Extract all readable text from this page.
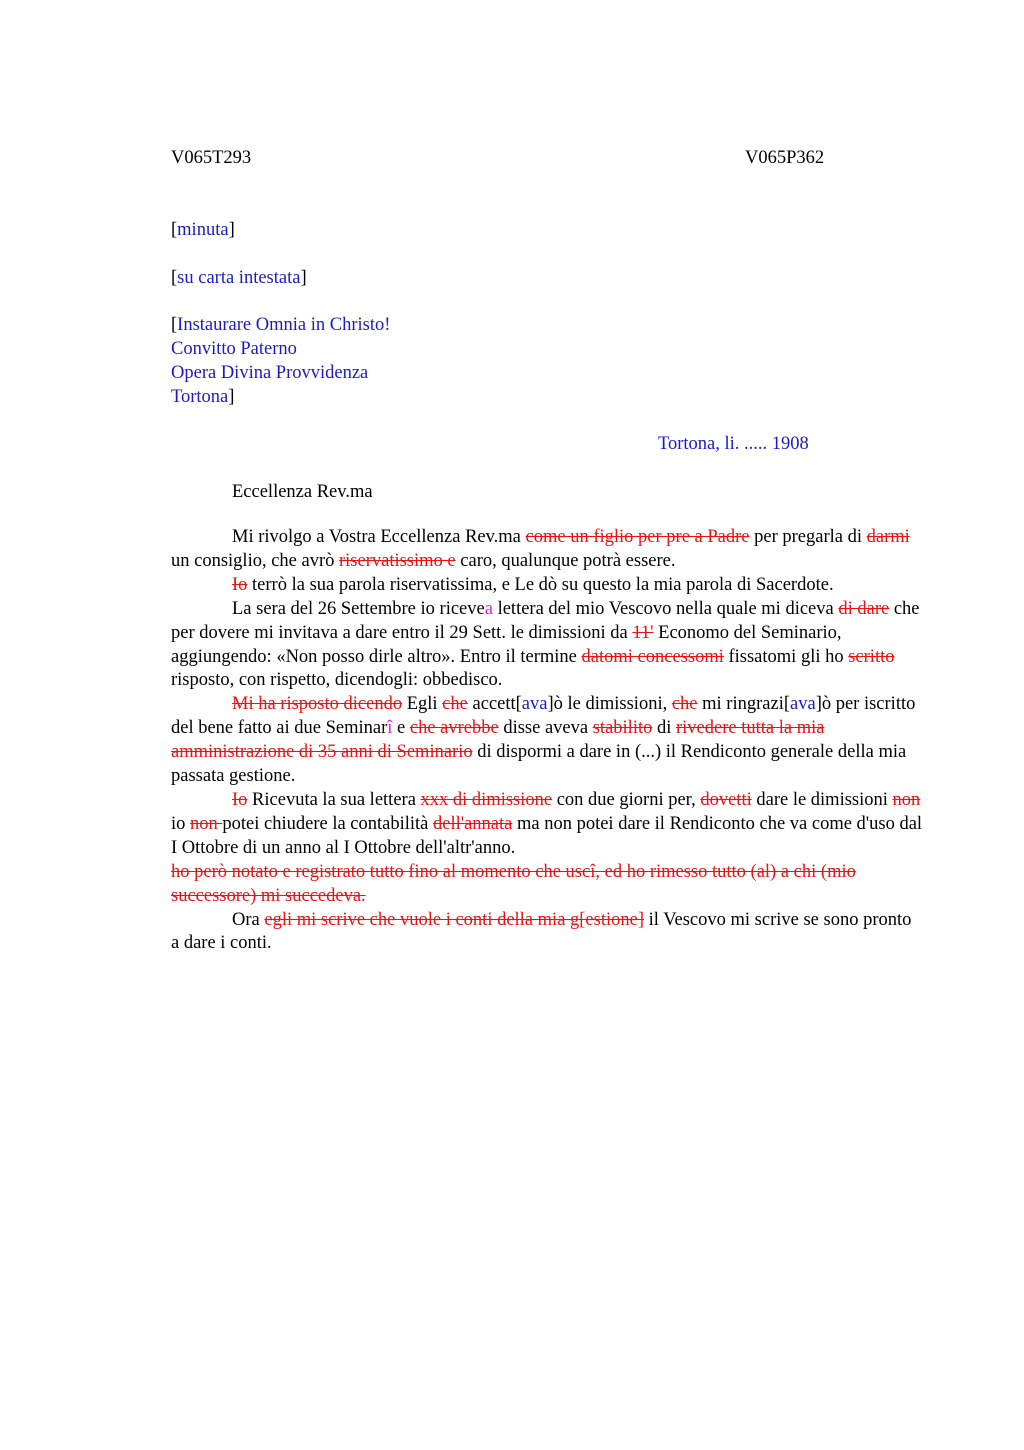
V065T293	V065P362
[minuta]
[su carta intestata]
[Instaurare Omnia in Christo!
Convitto Paterno
Opera Divina Provvidenza
Tortona]
Tortona, li. ..... 1908
Eccellenza Rev.ma

Mi rivolgo a Vostra Eccellenza Rev.ma come un figlio per pre a Padre per pregarla di darmi un consiglio, che avrò riservatissimo e caro, qualunque potrà essere.

Io terrò la sua parola riservatissima, e Le dò su questo la mia parola di Sacerdote.

La sera del 26 Settembre io ricevea lettera del mio Vescovo nella quale mi diceva di dare che per dovere mi invitava a dare entro il 29 Sett. le dimissioni da 11' Economo del Seminario, aggiungendo: «Non posso dirle altro». Entro il termine datomi concessomi fissatomi gli ho scritto risposto, con rispetto, dicendogli: obbedisco.

Mi ha risposto dicendo Egli che accett[ava]ò le dimissioni, che mi ringrazi[ava]ò per iscritto del bene fatto ai due Seminarî e che avrebbe disse aveva stabilito di rivedere tutta la mia amministrazione di 35 anni di Seminario di dispormi a dare in (...) il Rendiconto generale della mia passata gestione.

Io Ricevuta la sua lettera xxx di dimissione con due giorni per, dovetti dare le dimissioni non io non potei chiudere la contabilità dell'annata ma non potei dare il Rendiconto che va come d'uso dal I Ottobre di un anno al I Ottobre dell'altr'anno.

ho però notato e registrato tutto fino al momento che uscî, ed ho rimesso tutto (al) a chi (mio successore) mi succedeva.

Ora egli mi scrive che vuole i conti della mia g[estione] il Vescovo mi scrive se sono pronto a dare i conti.
